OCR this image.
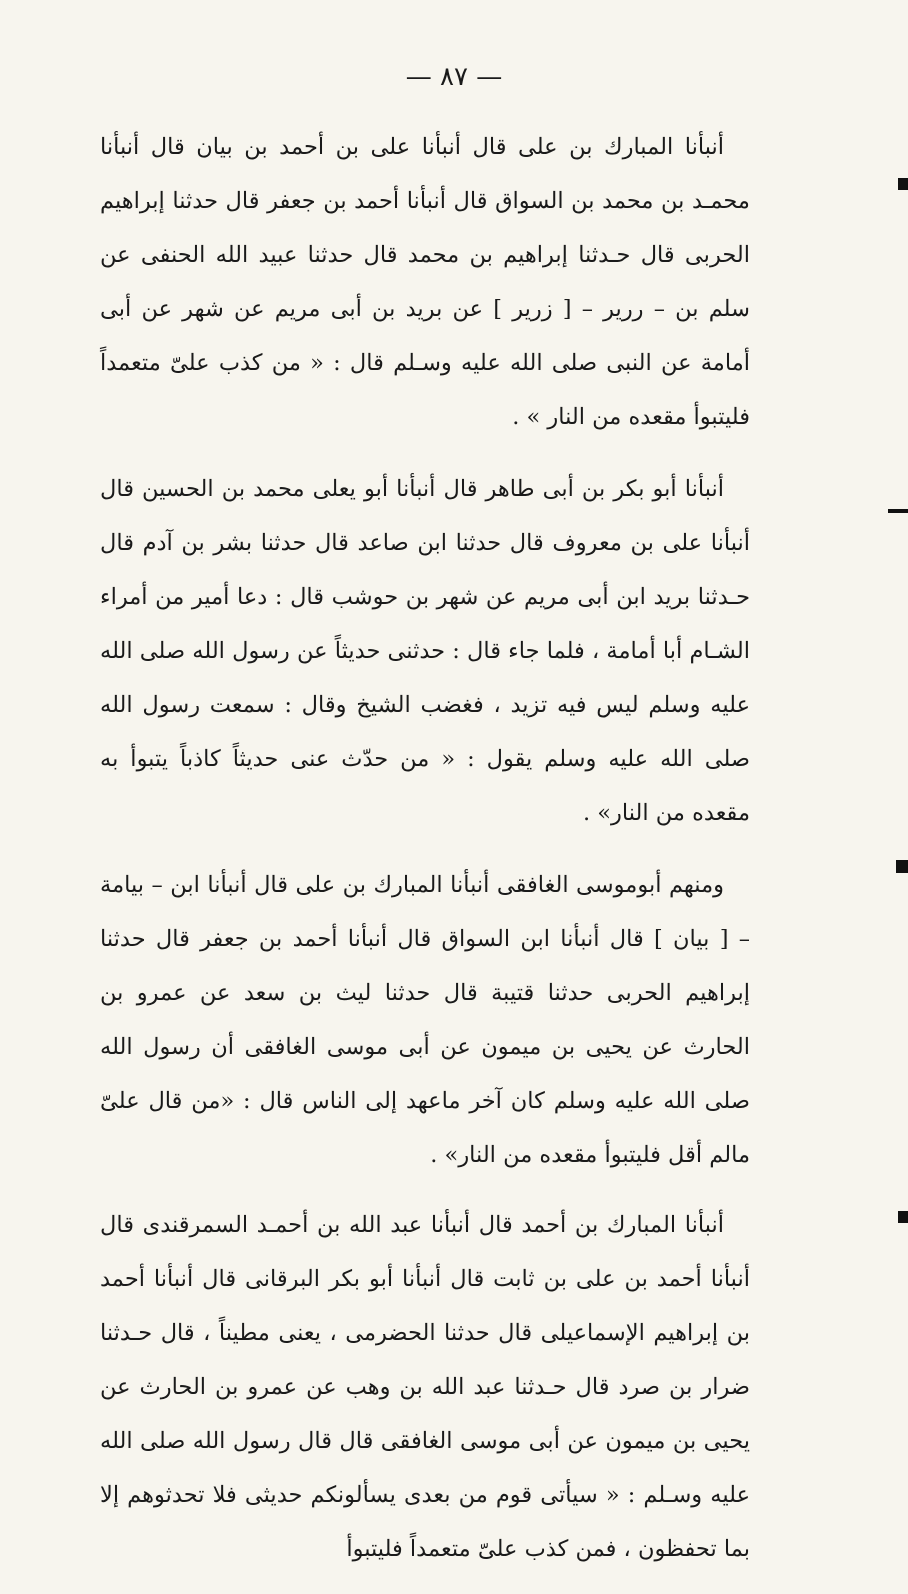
— ٨٧ —

أنبأنا المبارك بن على قال أنبأنا على بن أحمد بن بيان قال أنبأنا محمـد بن محمد بن السواق قال أنبأنا أحمد بن جعفر قال حدثنا إبراهيم الحربى قال حـدثنا إبراهيم بن محمد قال حدثنا عبيد الله الحنفى عن سلم بن – ررير – [ زرير ] عن بريد بن أبى مريم عن شهر عن أبى أمامة عن النبى صلى الله عليه وسـلم قال : « من كذب علىّ متعمداً فليتبوأ مقعده من النار » .

أنبأنا أبو بكر بن أبى طاهر قال أنبأنا أبو يعلى محمد بن الحسين قال أنبأنا على بن معروف قال حدثنا ابن صاعد قال حدثنا بشر بن آدم قال حـدثنا بريد ابن أبى مريم عن شهر بن حوشب قال : دعا أمير من أمراء الشـام أبا أمامة ، فلما جاء قال : حدثنى حديثاً عن رسول الله صلى الله عليه وسلم ليس فيه تزيد ، فغضب الشيخ وقال : سمعت رسول الله صلى الله عليه وسلم يقول : « من حدّث عنى حديثاً كاذباً يتبوأ به مقعده من النار» .

ومنهم أبوموسى الغافقى أنبأنا المبارك بن على قال أنبأنا ابن – بيامة – [ بيان ] قال أنبأنا ابن السواق قال أنبأنا أحمد بن جعفر قال حدثنا إبراهيم الحربى حدثنا قتيبة قال حدثنا ليث بن سعد عن عمرو بن الحارث عن يحيى بن ميمون عن أبى موسى الغافقى أن رسول الله صلى الله عليه وسلم كان آخر ماعهد إلى الناس قال : «من قال علىّ مالم أقل فليتبوأ مقعده من النار» .

أنبأنا المبارك بن أحمد قال أنبأنا عبد الله بن أحمـد السمرقندى قال أنبأنا أحمد بن على بن ثابت قال أنبأنا أبو بكر البرقانى قال أنبأنا أحمد بن إبراهيم الإسماعيلى قال حدثنا الحضرمى ، يعنى مطيناً ، قال حـدثنا ضرار بن صرد قال حـدثنا عبد الله بن وهب عن عمرو بن الحارث عن يحيى بن ميمون عن أبى موسى الغافقى قال قال رسول الله صلى الله عليه وسـلم : « سيأتى قوم من بعدى يسألونكم حديثى فلا تحدثوهم إلا بما تحفظون ، فمن كذب علىّ متعمداً فليتبوأ
